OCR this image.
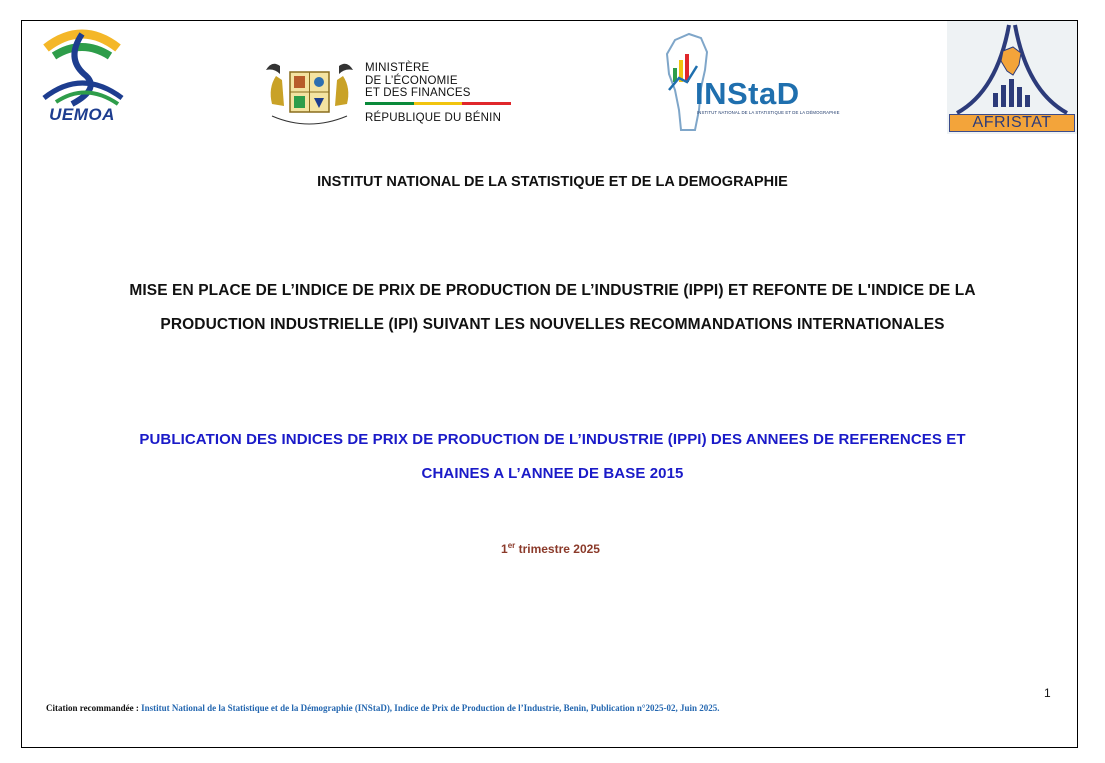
UEMOA
MINISTÈRE
DE L’ÉCONOMIE
ET DES FINANCES
RÉPUBLIQUE DU BÉNIN
INStaD
INSTITUT NATIONAL DE LA STATISTIQUE ET DE LA DÉMOGRAPHIE
AFRISTAT
INSTITUT NATIONAL DE LA STATISTIQUE ET DE LA DEMOGRAPHIE
MISE EN PLACE DE L’INDICE DE PRIX DE PRODUCTION DE L’INDUSTRIE (IPPI) ET REFONTE DE L'INDICE DE LA
PRODUCTION INDUSTRIELLE (IPI) SUIVANT LES NOUVELLES RECOMMANDATIONS INTERNATIONALES
PUBLICATION DES INDICES DE PRIX DE PRODUCTION DE L’INDUSTRIE (IPPI) DES ANNEES DE REFERENCES ET
CHAINES A L’ANNEE DE BASE 2015
1er trimestre 2025
Citation recommandée : Institut National de la Statistique et de la Démographie (INStaD), Indice de Prix de Production de l’Industrie, Benin, Publication n°2025-02, Juin 2025.
1
